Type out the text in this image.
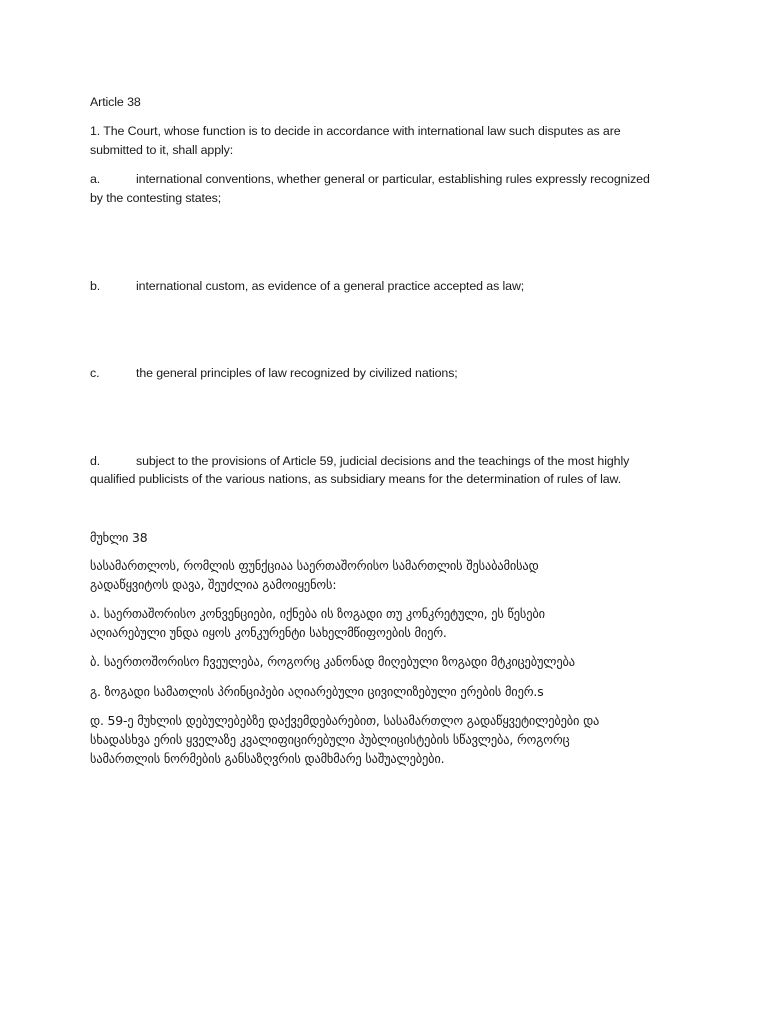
Article 38

1. The Court, whose function is to decide in accordance with international law such disputes as are

submitted to it, shall apply:

a.	international conventions, whether general or particular, establishing rules expressly recognized

by the contesting states;

b.	international custom, as evidence of a general practice accepted as law;
c.	the general principles of law recognized by civilized nations;
d.	subject to the provisions of Article 59, judicial decisions and the teachings of the most highly

qualified publicists of the various nations, as subsidiary means for the determination of rules of law.

მუხლი 38

სასამართლოს, რომლის ფუნქციაა საერთაშორისო სამართლის შესაბამისად

გადაწყვიტოს დავა, შეუძლია გამოიყენოს:

ა. საერთაშორისო კონვენციები, იქნება ის ზოგადი თუ კონკრეტული, ეს წესები

აღიარებული უნდა იყოს კონკურენტი სახელმწიფოების მიერ.

ბ. საერთოშორისო ჩვეულება, როგორც კანონად მიღებული ზოგადი მტკიცებულება

გ. ზოგადი სამათლის პრინციპები აღიარებული ცივილიზებული ერების მიერ.s

დ. 59-ე მუხლის დებულებებზე დაქვემდებარებით, სასამართლო გადაწყვეტილებები და

სხადასხვა ერის ყველაზე კვალიფიცირებული პუბლიცისტების სწავლება, როგორც

სამართლის ნორმების განსაზღვრის დამხმარე საშუალებები.
